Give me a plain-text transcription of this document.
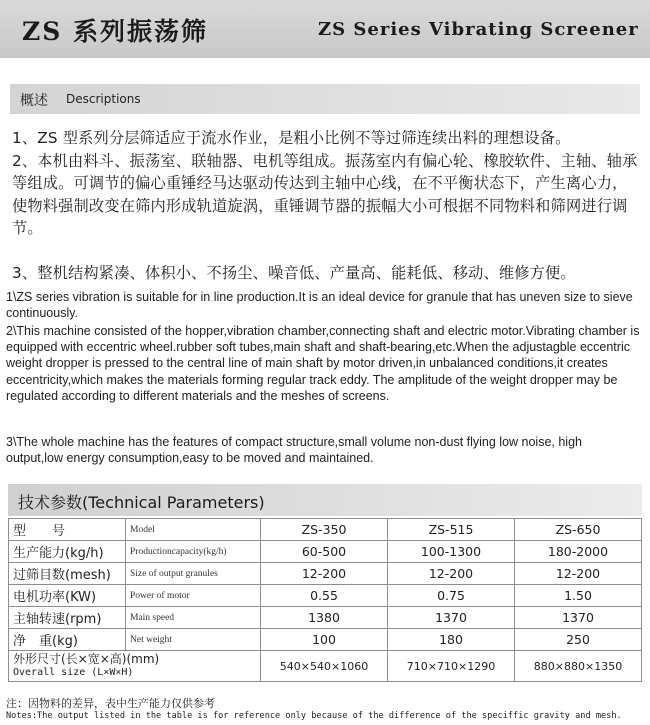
ZS 系列振荡筛	ZS Series Vibrating Screener
概述 Descriptions
1、ZS 型系列分层筛适应于流水作业，是粗小比例不等过筛连续出料的理想设备。
2、本机由料斗、振荡室、联轴器、电机等组成。振荡室内有偏心轮、橡胶软件、主轴、轴承等组成。可调节的偏心重锤经马达驱动传达到主轴中心线，在不平衡状态下，产生离心力，使物料强制改变在筛内形成轨道旋涡，重锤调节器的振幅大小可根据不同物料和筛网进行调节。
3、整机结构紧凑、体积小、不扬尘、噪音低、产量高、能耗低、移动、维修方便。
1\ZS series vibration is suitable for in line production.It is an ideal device for granule that has uneven size to sieve continuously.
2\This machine consisted of the hopper,vibration chamber,connecting shaft and electric motor.Vibrating chamber is equipped with eccentric wheel.rubber soft tubes,main shaft and shaft-bearing,etc.When the adjustagble eccentric weight dropper is pressed to the central line of main shaft by motor driven,in unbalanced conditions,it creates eccentricity,which makes the materials forming regular track eddy. The amplitude of the weight dropper may be regulated according to different materials and the meshes of screens.
3\The whole machine has the features of compact structure,small volume non-dust flying low noise, high output,low energy consumption,easy to be moved and maintained.
技术参数(Technical Parameters)
型　　号	Model	ZS-350	ZS-515	ZS-650
生产能力(kg/h)	Productioncapacity(kg/h)	60-500	100-1300	180-2000
过筛目数(mesh)	Size of output granules	12-200	12-200	12-200
电机功率(KW)	Power of motor	0.55	0.75	1.50
主轴转速(rpm)	Main speed	1380	1370	1370
净　重(kg)	Net weight	100	180	250

外形尺寸(长×宽×高)(mm)
Overall size (L×W×H)		540×540×1060	710×710×1290	880×880×1350
注：因物料的差异，表中生产能力仅供参考
Notes:The output listed in the table is for reference only because of the difference of the speciffic gravity and mesh.
